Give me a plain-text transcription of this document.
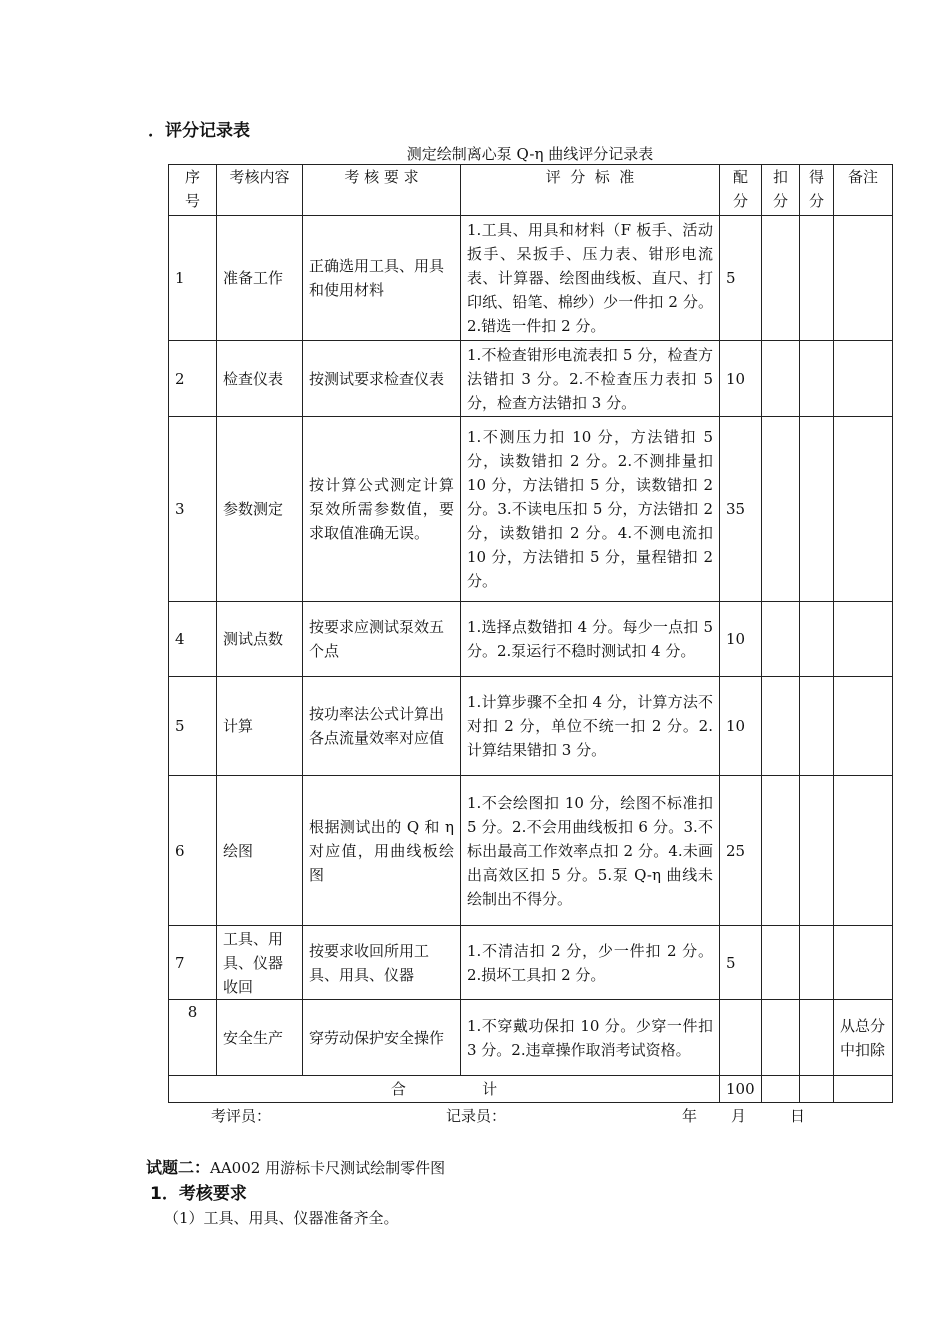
．评分记录表
测定绘制离心泵 Q-η 曲线评分记录表
序号	考核内容	考 核 要 求	评  分  标  准	配分	扣分	得分	备注
1	准备工作	正确选用工具、用具和使用材料	1.工具、用具和材料（F 板手、活动扳手、呆扳手、压力表、钳形电流表、计算器、绘图曲线板、直尺、打印纸、铅笔、棉纱）少一件扣 2 分。2.错选一件扣 2 分。	5			
2	检查仪表	按测试要求检查仪表	1.不检查钳形电流表扣 5 分，检查方法错扣 3 分。2.不检查压力表扣 5 分，检查方法错扣 3 分。	10			
3	参数测定	按计算公式测定计算泵效所需参数值，要求取值准确无误。	1.不测压力扣 10 分，方法错扣 5 分，读数错扣 2 分。2.不测排量扣 10 分，方法错扣 5 分，读数错扣 2 分。3.不读电压扣 5 分，方法错扣 2 分，读数错扣 2 分。4.不测电流扣 10 分，方法错扣 5 分，量程错扣 2 分。	35			
4	测试点数	按要求应测试泵效五个点	1.选择点数错扣 4 分。每少一点扣 5 分。2.泵运行不稳时测试扣 4 分。	10			
5	计算	按功率法公式计算出各点流量效率对应值	1.计算步骤不全扣 4 分，计算方法不对扣 2 分，单位不统一扣 2 分。2.计算结果错扣 3 分。	10			
6	绘图	根据测试出的 Q 和 η 对应值，用曲线板绘图	1.不会绘图扣 10 分，绘图不标准扣 5 分。2.不会用曲线板扣 6 分。3.不标出最高工作效率点扣 2 分。4.未画出高效区扣 5 分。5.泵 Q-η 曲线未绘制出不得分。	25			
7	工具、用具、仪器收回	按要求收回所用工具、用具、仪器	1.不清洁扣 2 分，少一件扣 2 分。2.损坏工具扣 2 分。	5			
8	安全生产	穿劳动保护安全操作	1.不穿戴功保扣 10 分。少穿一件扣 3 分。2.违章操作取消考试资格。				从总分中扣除
合                计				100			
考评员：	记录员：	年 月	日
试题二：AA002 用游标卡尺测试绘制零件图
1．考核要求
（1）工具、用具、仪器准备齐全。
